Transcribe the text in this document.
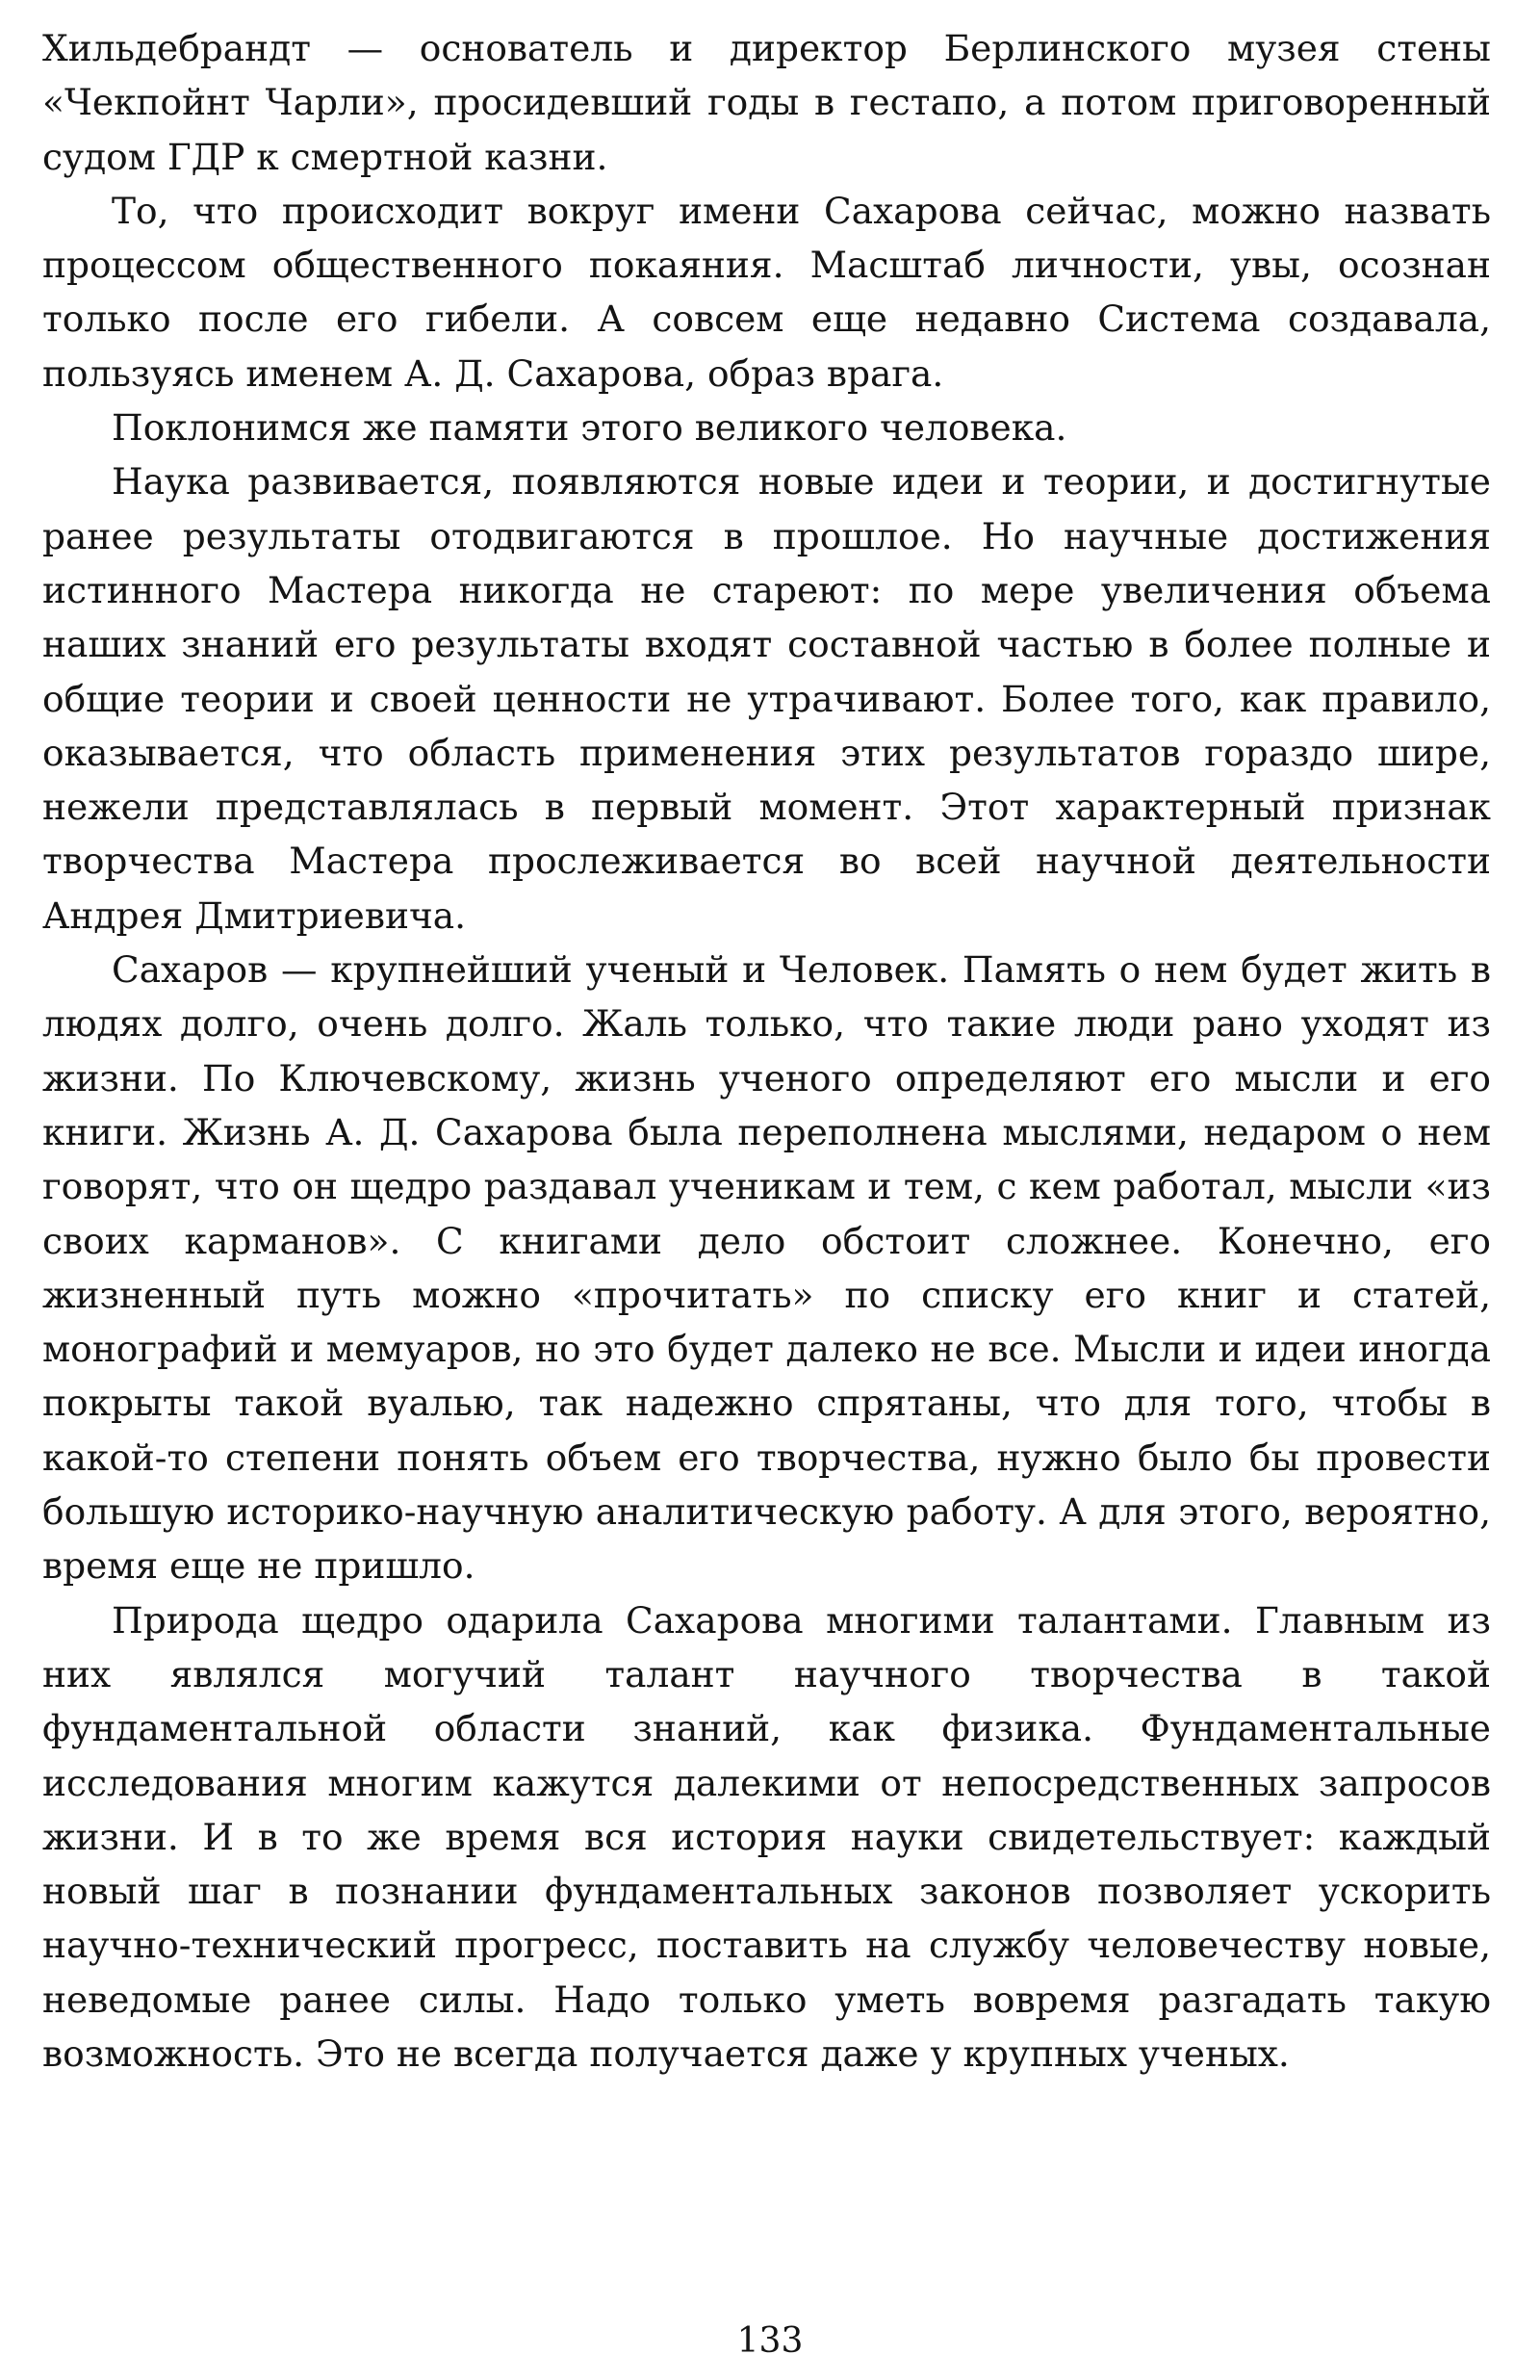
Хильдебрандт — основатель и директор Берлинского музея стены «Чекпойнт Чарли», просидевший годы в гестапо, а потом приговоренный судом ГДР к смертной казни.

То, что происходит вокруг имени Сахарова сейчас, можно назвать процессом общественного покаяния. Масштаб личности, увы, осознан только после его гибели. А совсем еще недавно Система создавала, пользуясь именем А. Д. Сахарова, образ врага.

Поклонимся же памяти этого великого человека.

Наука развивается, появляются новые идеи и теории, и достигнутые ранее результаты отодвигаются в прошлое. Но научные достижения истинного Мастера никогда не стареют: по мере увеличения объема наших знаний его результаты входят составной частью в более полные и общие теории и своей ценности не утрачивают. Более того, как правило, оказывается, что область применения этих результатов гораздо шире, нежели представлялась в первый момент. Этот характерный признак творчества Мастера прослеживается во всей научной деятельности Андрея Дмитриевича.

Сахаров — крупнейший ученый и Человек. Память о нем будет жить в людях долго, очень долго. Жаль только, что такие люди рано уходят из жизни. По Ключевскому, жизнь ученого определяют его мысли и его книги. Жизнь А. Д. Сахарова была переполнена мыслями, недаром о нем говорят, что он щедро раздавал ученикам и тем, с кем работал, мысли «из своих карманов». С книгами дело обстоит сложнее. Конечно, его жизненный путь можно «прочитать» по списку его книг и статей, монографий и мемуаров, но это будет далеко не все. Мысли и идеи иногда покрыты такой вуалью, так надежно спрятаны, что для того, чтобы в какой-то степени понять объем его творчества, нужно было бы провести большую историко-научную аналитическую работу. А для этого, вероятно, время еще не пришло.

Природа щедро одарила Сахарова многими талантами. Главным из них являлся могучий талант научного творчества в такой фундаментальной области знаний, как физика. Фундаментальные исследования многим кажутся далекими от непосредственных запросов жизни. И в то же время вся история науки свидетельствует: каждый новый шаг в познании фундаментальных законов позволяет ускорить научно-технический прогресс, поставить на службу человечеству новые, неведомые ранее силы. Надо только уметь вовремя разгадать такую возможность. Это не всегда получается даже у крупных ученых.

133
